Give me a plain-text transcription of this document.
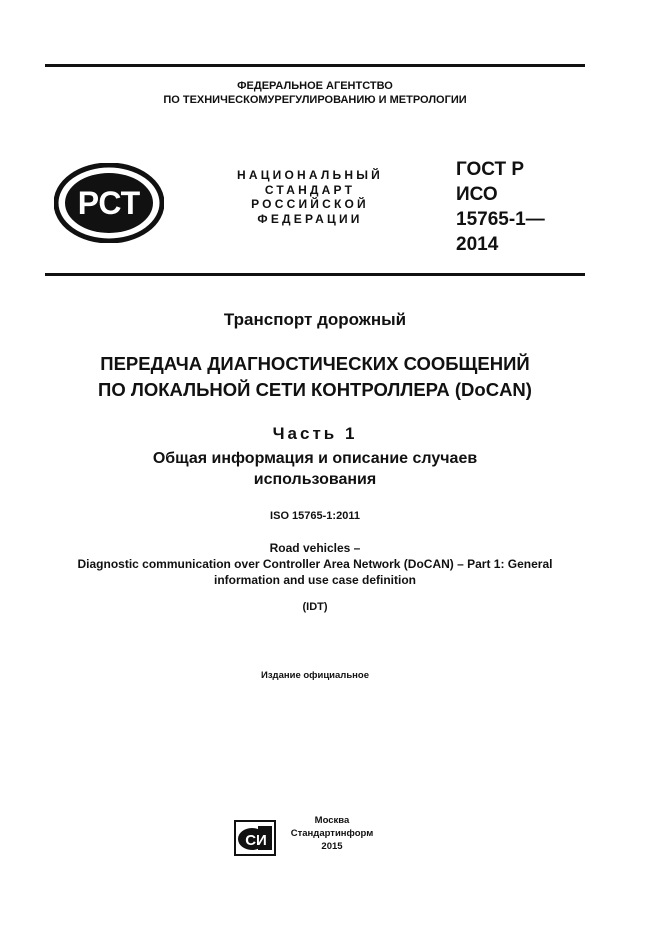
ФЕДЕРАЛЬНОЕ АГЕНТСТВО
ПО ТЕХНИЧЕСКОМУРЕГУЛИРОВАНИЮ И МЕТРОЛОГИИ
РСТ
НАЦИОНАЛЬНЫЙ
СТАНДАРТ
РОССИЙСКОЙ
ФЕДЕРАЦИИ
ГОСТ Р
ИСО
15765-1—
2014
Транспорт дорожный
ПЕРЕДАЧА ДИАГНОСТИЧЕСКИХ СООБЩЕНИЙ
ПО ЛОКАЛЬНОЙ СЕТИ КОНТРОЛЛЕРА (DoCAN)
Часть 1
Общая информация и описание случаев
использования
ISO 15765-1:2011
Road vehicles –
Diagnostic communication over Controller Area Network (DoCAN) – Part 1: General
information and use case definition
(IDT)
Издание официальное
СИ
Москва
Стандартинформ
2015
